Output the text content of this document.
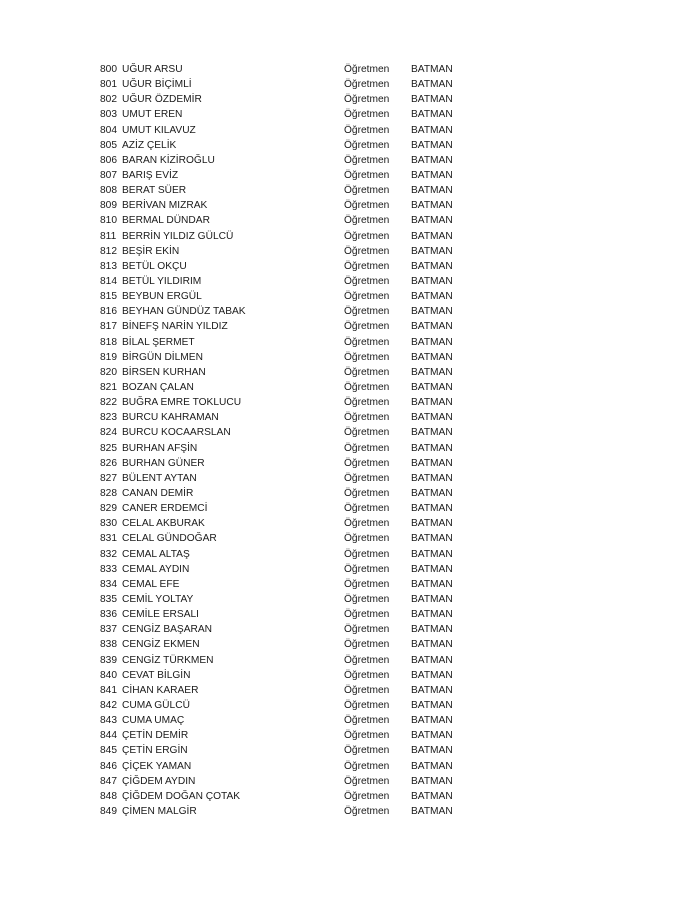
800 UĞUR ARSU	Öğretmen	BATMAN
801 UĞUR BİÇİMLİ	Öğretmen	BATMAN
802 UĞUR ÖZDEMİR	Öğretmen	BATMAN
803 UMUT EREN	Öğretmen	BATMAN
804 UMUT KILAVUZ	Öğretmen	BATMAN
805 AZİZ ÇELİK	Öğretmen	BATMAN
806 BARAN KİZİROĞLU	Öğretmen	BATMAN
807 BARIŞ EVİZ	Öğretmen	BATMAN
808 BERAT SÜER	Öğretmen	BATMAN
809 BERİVAN MIZRAK	Öğretmen	BATMAN
810 BERMAL DÜNDAR	Öğretmen	BATMAN
811 BERRİN YILDIZ GÜLCÜ	Öğretmen	BATMAN
812 BEŞİR EKİN	Öğretmen	BATMAN
813 BETÜL OKÇU	Öğretmen	BATMAN
814 BETÜL YILDIRIM	Öğretmen	BATMAN
815 BEYBUN ERGÜL	Öğretmen	BATMAN
816 BEYHAN GÜNDÜZ TABAK	Öğretmen	BATMAN
817 BİNEFŞ NARİN YILDIZ	Öğretmen	BATMAN
818 BİLAL ŞERMET	Öğretmen	BATMAN
819 BİRGÜN DİLMEN	Öğretmen	BATMAN
820 BİRSEN KURHAN	Öğretmen	BATMAN
821 BOZAN ÇALAN	Öğretmen	BATMAN
822 BUĞRA EMRE TOKLUCU	Öğretmen	BATMAN
823 BURCU KAHRAMAN	Öğretmen	BATMAN
824 BURCU KOCAARSLAN	Öğretmen	BATMAN
825 BURHAN AFŞİN	Öğretmen	BATMAN
826 BURHAN GÜNER	Öğretmen	BATMAN
827 BÜLENT AYTAN	Öğretmen	BATMAN
828 CANAN DEMİR	Öğretmen	BATMAN
829 CANER ERDEMCİ	Öğretmen	BATMAN
830 CELAL AKBURAK	Öğretmen	BATMAN
831 CELAL GÜNDOĞAR	Öğretmen	BATMAN
832 CEMAL ALTAŞ	Öğretmen	BATMAN
833 CEMAL AYDIN	Öğretmen	BATMAN
834 CEMAL EFE	Öğretmen	BATMAN
835 CEMİL YOLTAY	Öğretmen	BATMAN
836 CEMİLE ERSALI	Öğretmen	BATMAN
837 CENGİZ BAŞARAN	Öğretmen	BATMAN
838 CENGİZ EKMEN	Öğretmen	BATMAN
839 CENGİZ TÜRKMEN	Öğretmen	BATMAN
840 CEVAT BİLGİN	Öğretmen	BATMAN
841 CİHAN KARAER	Öğretmen	BATMAN
842 CUMA GÜLCÜ	Öğretmen	BATMAN
843 CUMA UMAÇ	Öğretmen	BATMAN
844 ÇETİN DEMİR	Öğretmen	BATMAN
845 ÇETİN ERGİN	Öğretmen	BATMAN
846 ÇİÇEK YAMAN	Öğretmen	BATMAN
847 ÇİĞDEM AYDIN	Öğretmen	BATMAN
848 ÇİĞDEM DOĞAN ÇOTAK	Öğretmen	BATMAN
849 ÇİMEN MALGİR	Öğretmen	BATMAN
